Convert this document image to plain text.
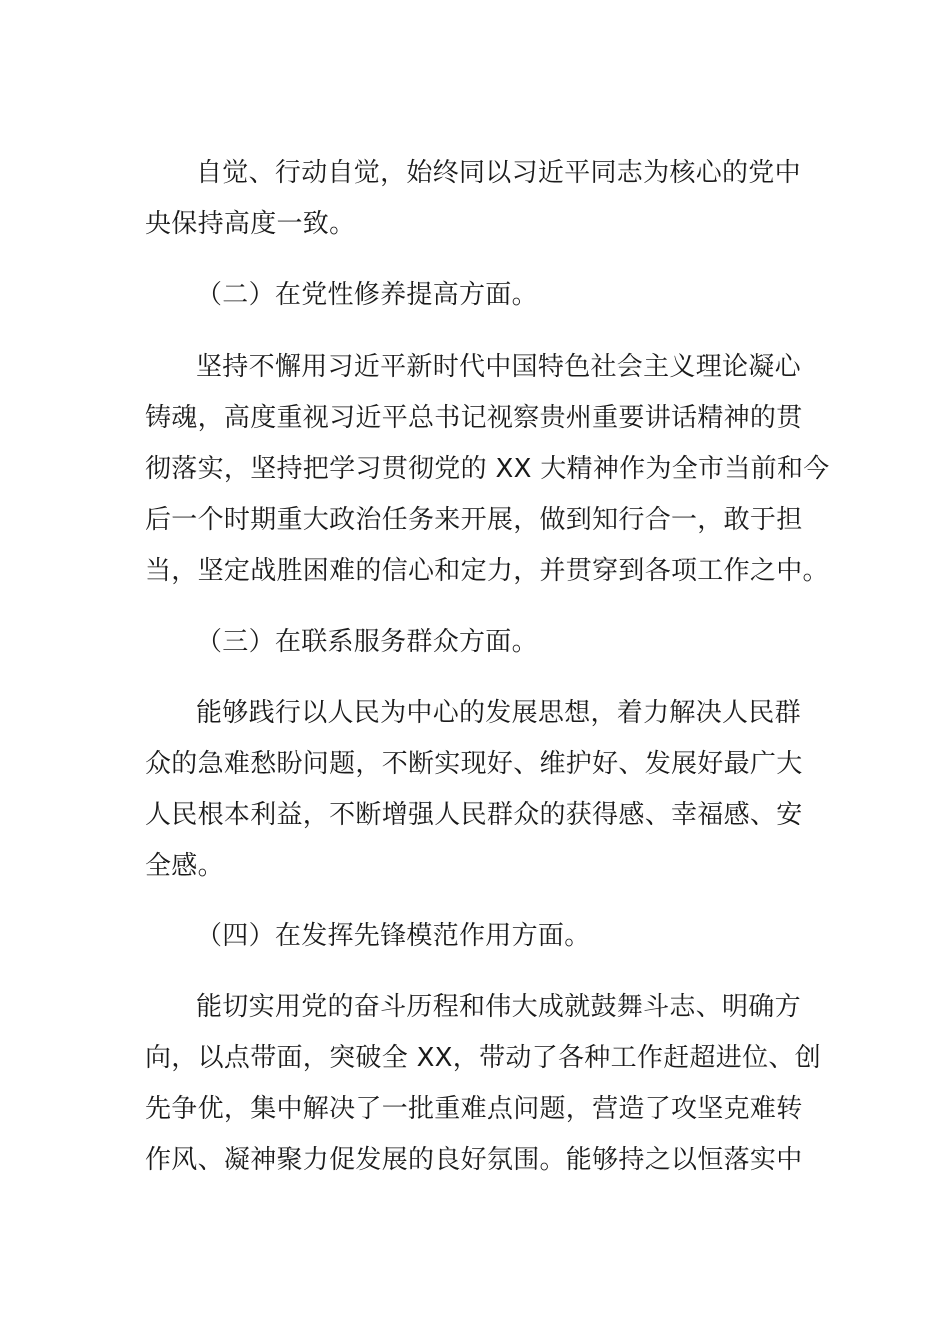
自觉、行动自觉，始终同以习近平同志为核心的党中
央保持高度一致。
（二）在党性修养提高方面。
坚持不懈用习近平新时代中国特色社会主义理论凝心
铸魂，高度重视习近平总书记视察贵州重要讲话精神的贯
彻落实，坚持把学习贯彻党的 XX 大精神作为全市当前和今
后一个时期重大政治任务来开展，做到知行合一，敢于担
当，坚定战胜困难的信心和定力，并贯穿到各项工作之中。
（三）在联系服务群众方面。
能够践行以人民为中心的发展思想，着力解决人民群
众的急难愁盼问题，不断实现好、维护好、发展好最广大
人民根本利益，不断增强人民群众的获得感、幸福感、安
全感。
（四）在发挥先锋模范作用方面。
能切实用党的奋斗历程和伟大成就鼓舞斗志、明确方
向，以点带面，突破全 XX，带动了各种工作赶超进位、创
先争优，集中解决了一批重难点问题，营造了攻坚克难转
作风、凝神聚力促发展的良好氛围。能够持之以恒落实中
